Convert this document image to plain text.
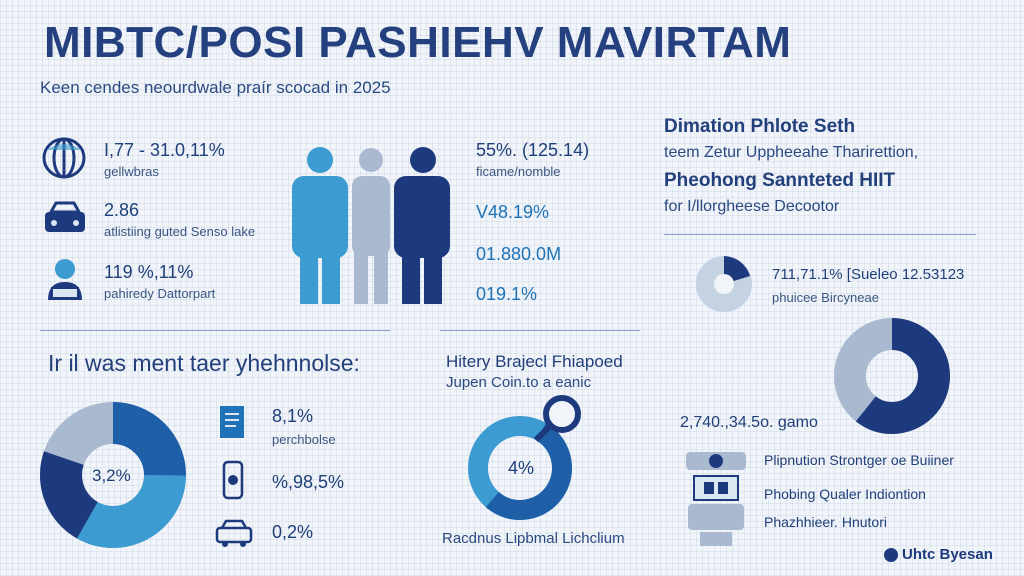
MIBTC/POSI PASHIEHV MAVIRTAM
Keen cendes neourdwale praír scocad in 2025
I,77 - 31.0,11%
gellwbras
2.86
atlistiing guted Senso lake
119 %,11%
pahiredy Dattorpart
55%. (125.14)
ficame/nomble
V48.19%
01.880.0M
019.1%
Dimation Phlote Seth
teem Zetur Uppheeahe Tharirettion,
Pheohong Sannteted HIIT
for I/llorgheese Decootor
711,71.1% [Sueleo 12.53123
phuicee Bircyneae
Ir il was ment taer yhehnnolse:
3,2%
8,1%
perchbolse
%,98,5%
0,2%
Hitery Brajecl Fhiapoed
Jupen Coin.to a eanic
4%
Racdnus Lipbmal Lichclium
2,740.,34.5o. gamo
Plipnution Strontger oe Buiiner
Phobing Qualer Indiontion
Phazhhieer. Hnutori
Uhtc Byesan
